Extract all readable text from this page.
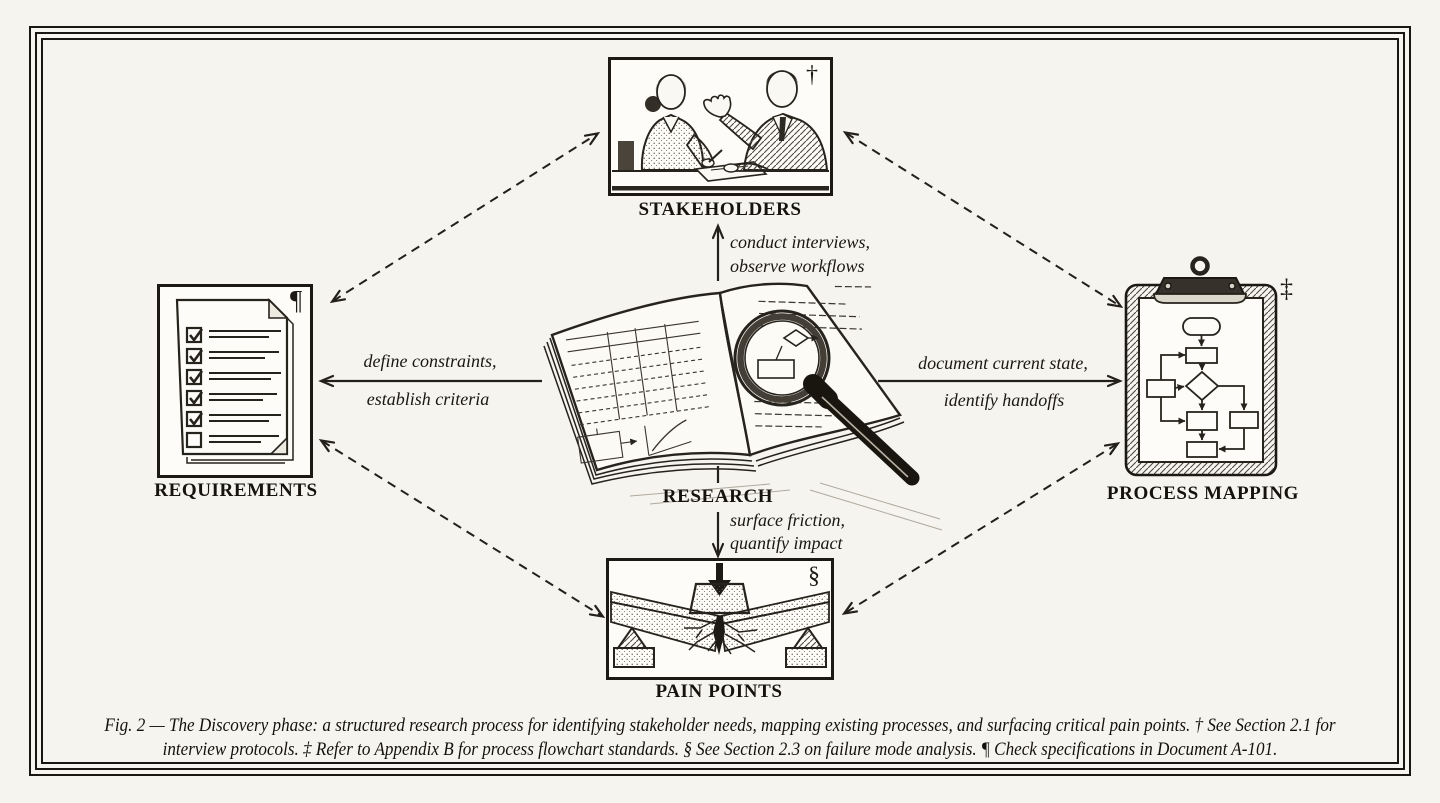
†
STAKEHOLDERS
¶
REQUIREMENTS	RESEARCH
‡
PROCESS MAPPING
§
PAIN POINTS
conduct interviews,
observe workflows
define constraints,
establish criteria
document current state,
identify handoffs
surface friction,
quantify impact
Fig. 2 — The Discovery phase: a structured research process for identifying stakeholder needs, mapping existing processes, and surfacing critical pain points. † See Section 2.1 for
interview protocols. ‡ Refer to Appendix B for process flowchart standards. § See Section 2.3 on failure mode analysis. ¶ Check specifications in Document A-101.
